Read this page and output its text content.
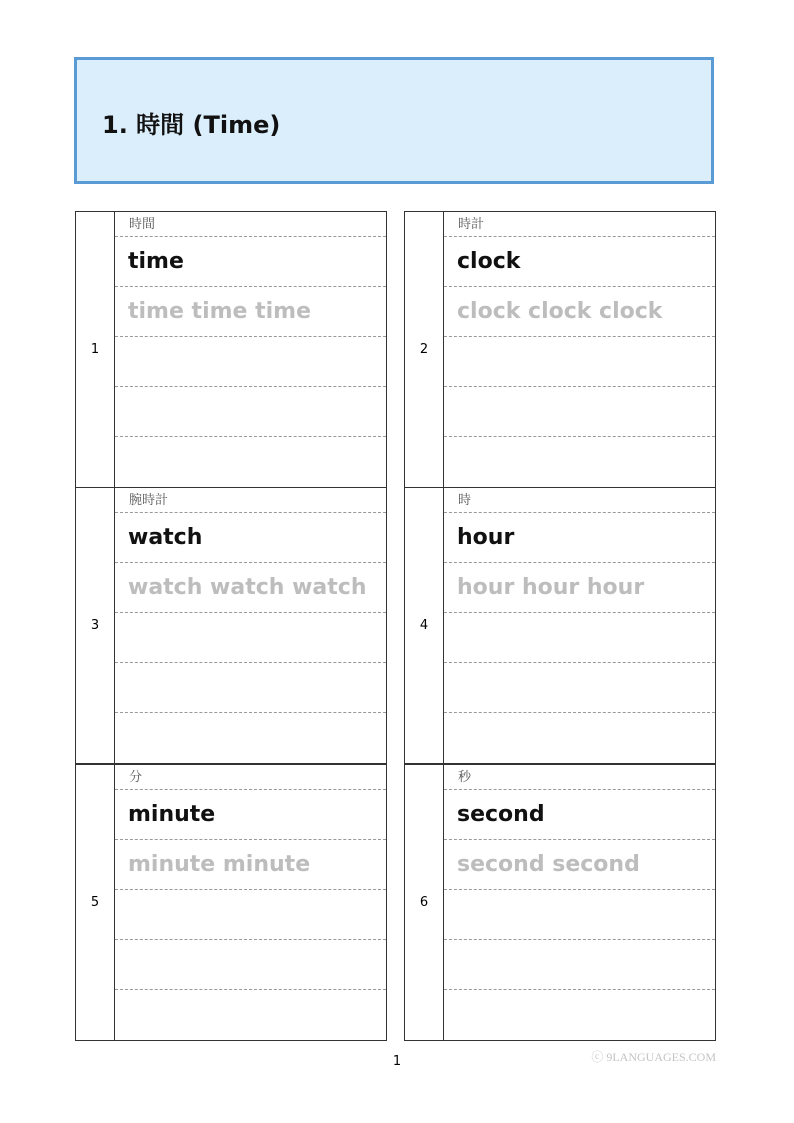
1. 時間 (Time)
1
時間
time
time time time
2
時計
clock
clock clock clock
3
腕時計
watch
watch watch watch
4
時
hour
hour hour hour
5
分
minute
minute minute
6
秒
second
second second
1	ⓒ 9LANGUAGES.COM
